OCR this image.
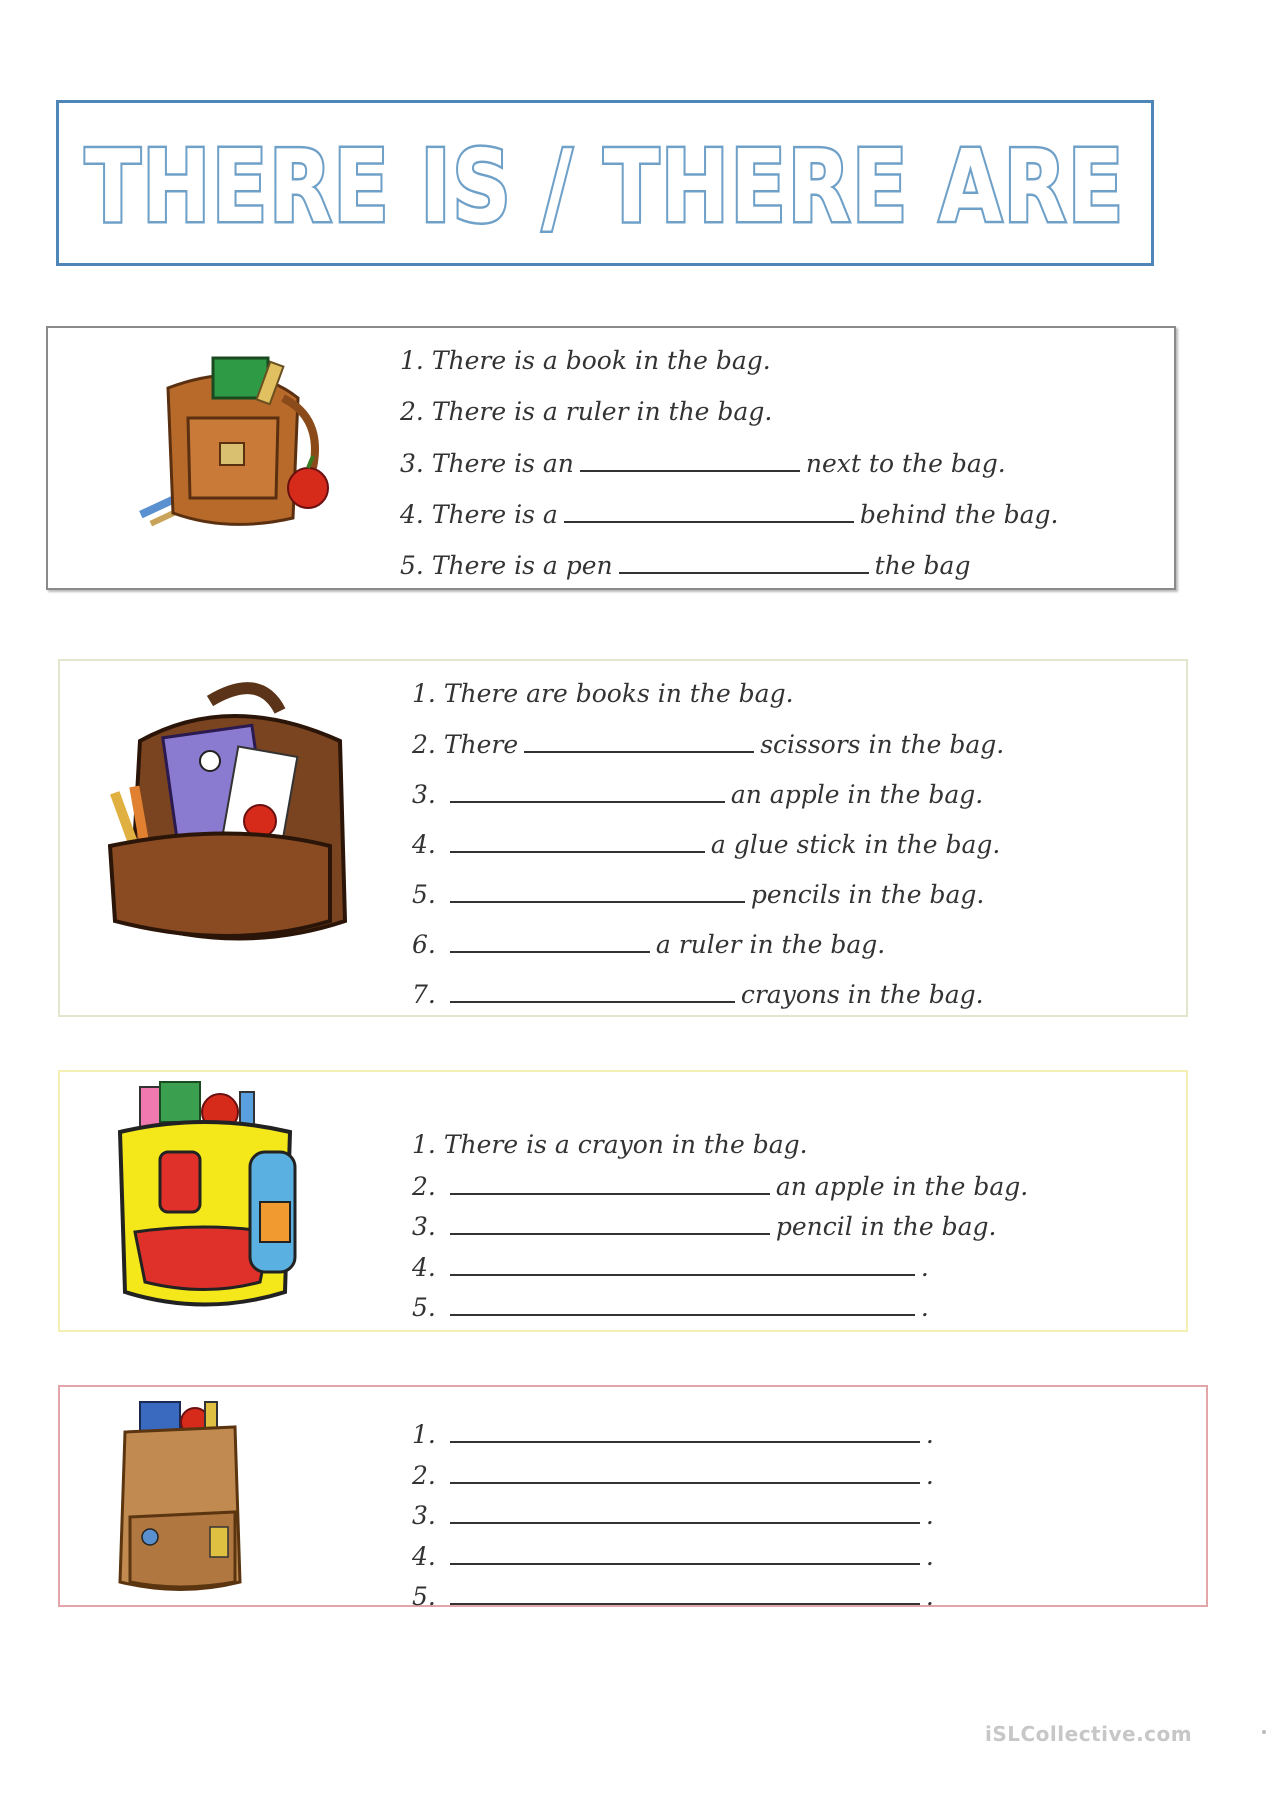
THERE IS / THERE ARE
1. There is a book in the bag.
2. There is a ruler in the bag.
3. There is an	next to the bag.
4. There is a	behind the bag.
5. There is a pen	the bag
1. There are books in the bag.
2. There	scissors in the bag.
3.	an apple in the bag.
4.	a glue stick in the bag.
5.	pencils in the bag.
6.	a ruler in the bag.
7.	crayons in the bag.
1. There is a crayon in the bag.
2.	an apple in the bag.
3.	pencil in the bag.
4.	.
5.	.
1.	.
2.	.
3.	.
4.	.
5.	.
iSLCollective.com
